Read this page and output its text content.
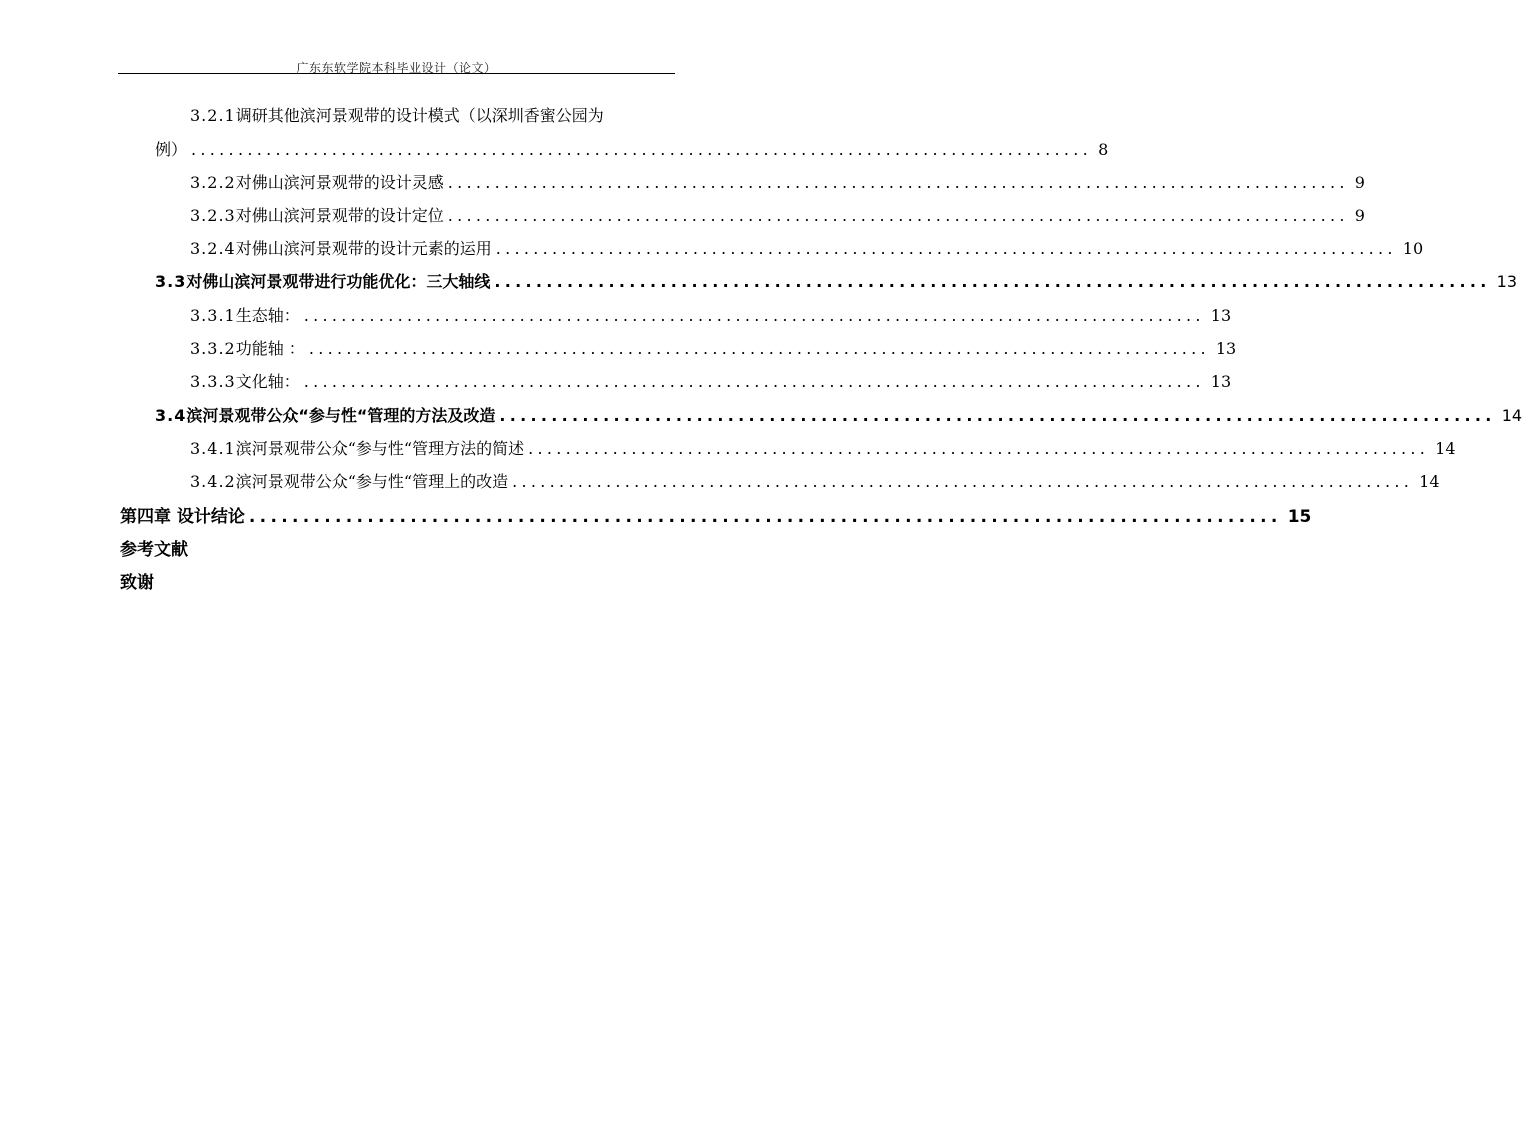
广东东软学院本科毕业设计（论文）
3.2.1调研其他滨河景观带的设计模式（以深圳香蜜公园为
例） ................................................................................................ 8
3.2.2 对佛山滨河景观带的设计灵感 ................................................................................................ 9
3.2.3 对佛山滨河景观带的设计定位 ................................................................................................ 9
3.2.4 对佛山滨河景观带的设计元素的运用 ................................................................................................ 10
3.3 对佛山滨河景观带进行功能优化：三大轴线 ................................................................................................ 13
3.3.1 生态轴： ................................................................................................ 13
3.3.2 功能轴 ： ................................................................................................ 13
3.3.3 文化轴： ................................................................................................ 13
3.4 滨河景观带公众“参与性“管理的方法及改造 ................................................................................................ 14
3.4.1 滨河景观带公众“参与性“管理方法的简述 ................................................................................................ 14
3.4.2 滨河景观带公众“参与性“管理上的改造 ................................................................................................ 14
第四章 设计结论 ................................................................................................ 15
参考文献
致谢
